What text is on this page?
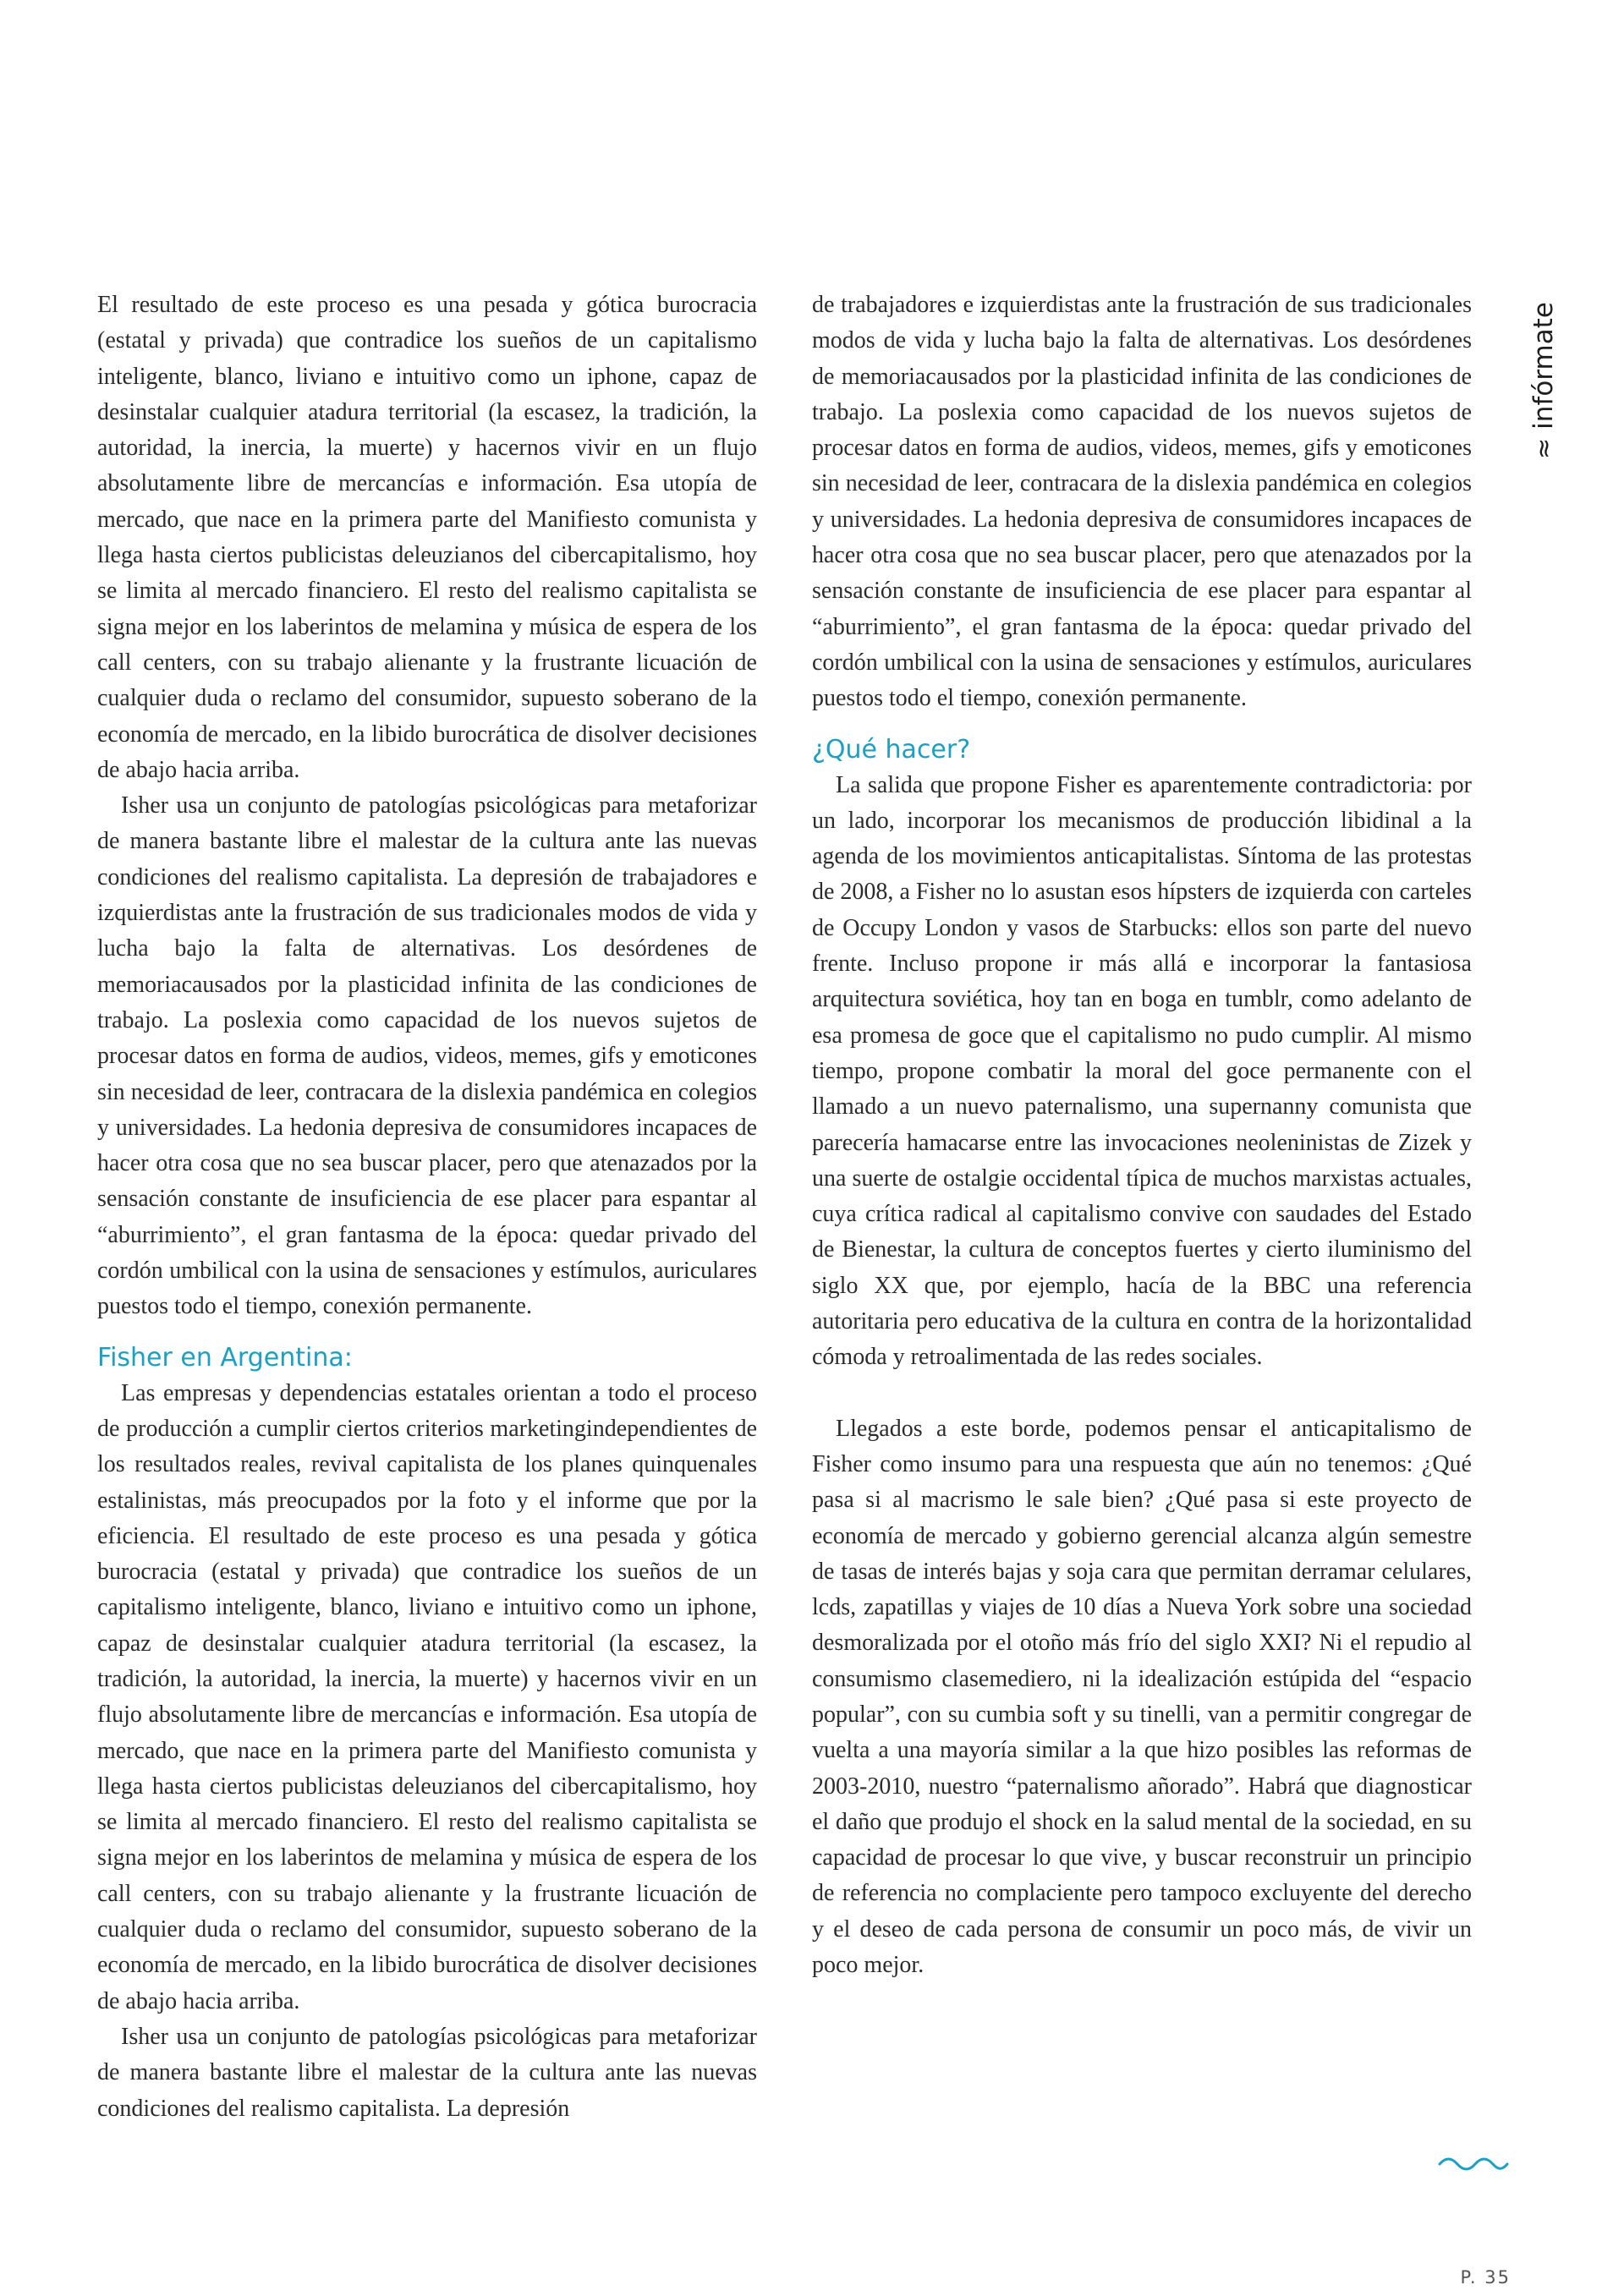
≈
infórmate

El resultado de este proceso es una pesada y gótica burocracia (estatal y privada) que contradice los sueños de un capitalismo inteligente, blanco, liviano e intuitivo como un iphone, capaz de desinstalar cualquier atadura territorial (la escasez, la tradición, la autoridad, la inercia, la muerte) y hacernos vivir en un flujo absolutamente libre de mercancías e información. Esa utopía de mercado, que nace en la primera parte del Manifiesto comunista y llega hasta ciertos publicistas deleuzianos del cibercapitalismo, hoy se limita al mercado financiero. El resto del realismo capitalista se signa mejor en los laberintos de melamina y música de espera de los call centers, con su trabajo alienante y la frustrante licuación de cualquier duda o reclamo del consumidor, supuesto soberano de la economía de mercado, en la libido burocrática de disolver decisiones de abajo hacia arriba.

Isher usa un conjunto de patologías psicológicas para metaforizar de manera bastante libre el malestar de la cultura ante las nuevas condiciones del realismo capitalista. La depresión de trabajadores e izquierdistas ante la frustración de sus tradicionales modos de vida y lucha bajo la falta de alternativas. Los desórdenes de memoriacausados por la plasticidad infinita de las condiciones de trabajo. La poslexia como capacidad de los nuevos sujetos de procesar datos en forma de audios, videos, memes, gifs y emoticones sin necesidad de leer, contracara de la dislexia pandémica en colegios y universidades. La hedonia depresiva de consumidores incapaces de hacer otra cosa que no sea buscar placer, pero que atenazados por la sensación constante de insuficiencia de ese placer para espantar al “aburrimiento”, el gran fantasma de la época: quedar privado del cordón umbilical con la usina de sensaciones y estímulos, auriculares puestos todo el tiempo, conexión permanente.

Fisher en Argentina:

Las empresas y dependencias estatales orientan a todo el proceso de producción a cumplir ciertos criterios marketingindependientes de los resultados reales, revival capitalista de los planes quinquenales estalinistas, más preocupados por la foto y el informe que por la eficiencia. El resultado de este proceso es una pesada y gótica burocracia (estatal y privada) que contradice los sueños de un capitalismo inteligente, blanco, liviano e intuitivo como un iphone, capaz de desinstalar cualquier atadura territorial (la escasez, la tradición, la autoridad, la inercia, la muerte) y hacernos vivir en un flujo absolutamente libre de mercancías e información. Esa utopía de mercado, que nace en la primera parte del Manifiesto comunista y llega hasta ciertos publicistas deleuzianos del cibercapitalismo, hoy se limita al mercado financiero. El resto del realismo capitalista se signa mejor en los laberintos de melamina y música de espera de los call centers, con su trabajo alienante y la frustrante licuación de cualquier duda o reclamo del consumidor, supuesto soberano de la economía de mercado, en la libido burocrática de disolver decisiones de abajo hacia arriba.

Isher usa un conjunto de patologías psicológicas para metaforizar de manera bastante libre el malestar de la cultura ante las nuevas condiciones del realismo capitalista. La depresión

de trabajadores e izquierdistas ante la frustración de sus tradicionales modos de vida y lucha bajo la falta de alternativas. Los desórdenes de memoriacausados por la plasticidad infinita de las condiciones de trabajo. La poslexia como capacidad de los nuevos sujetos de procesar datos en forma de audios, videos, memes, gifs y emoticones sin necesidad de leer, contracara de la dislexia pandémica en colegios y universidades. La hedonia depresiva de consumidores incapaces de hacer otra cosa que no sea buscar placer, pero que atenazados por la sensación constante de insuficiencia de ese placer para espantar al “aburrimiento”, el gran fantasma de la época: quedar privado del cordón umbilical con la usina de sensaciones y estímulos, auriculares puestos todo el tiempo, conexión permanente.

¿Qué hacer?

La salida que propone Fisher es aparentemente contradictoria: por un lado, incorporar los mecanismos de producción libidinal a la agenda de los movimientos anticapitalistas. Síntoma de las protestas de 2008, a Fisher no lo asustan esos hípsters de izquierda con carteles de Occupy London y vasos de Starbucks: ellos son parte del nuevo frente. Incluso propone ir más allá e incorporar la fantasiosa arquitectura soviética, hoy tan en boga en tumblr, como adelanto de esa promesa de goce que el capitalismo no pudo cumplir. Al mismo tiempo, propone combatir la moral del goce permanente con el llamado a un nuevo paternalismo, una supernanny comunista que parecería hamacarse entre las invocaciones neoleninistas de Zizek y una suerte de ostalgie occidental típica de muchos marxistas actuales, cuya crítica radical al capitalismo convive con saudades del Estado de Bienestar, la cultura de conceptos fuertes y cierto iluminismo del siglo XX que, por ejemplo, hacía de la BBC una referencia autoritaria pero educativa de la cultura en contra de la horizontalidad cómoda y retroalimentada de las redes sociales.

Llegados a este borde, podemos pensar el anticapitalismo de Fisher como insumo para una respuesta que aún no tenemos: ¿Qué pasa si al macrismo le sale bien? ¿Qué pasa si este proyecto de economía de mercado y gobierno gerencial alcanza algún semestre de tasas de interés bajas y soja cara que permitan derramar celulares, lcds, zapatillas y viajes de 10 días a Nueva York sobre una sociedad desmoralizada por el otoño más frío del siglo XXI? Ni el repudio al consumismo clasemediero, ni la idealización estúpida del “espacio popular”, con su cumbia soft y su tinelli, van a permitir congregar de vuelta a una mayoría similar a la que hizo posibles las reformas de 2003-2010, nuestro “paternalismo añorado”. Habrá que diagnosticar el daño que produjo el shock en la salud mental de la sociedad, en su capacidad de procesar lo que vive, y buscar reconstruir un principio de referencia no complaciente pero tampoco excluyente del derecho y el deseo de cada persona de consumir un poco más, de vivir un poco mejor.

P. 35
